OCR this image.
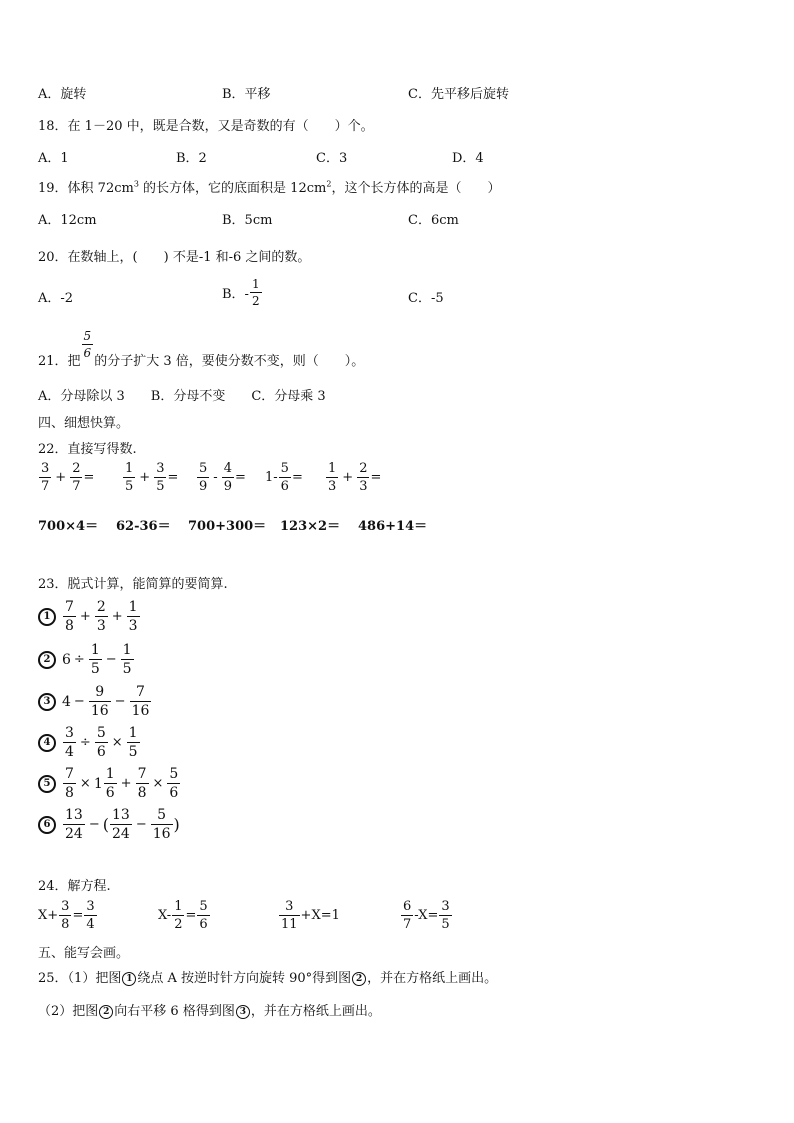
A．旋转	B．平移	C．先平移后旋转
18．在 1－20 中，既是合数，又是奇数的有（　　）个。
A．1	B．2	C．3	D．4
19．体积 $72cm^3$ 的长方体，它的底面积是 $12cm^2$，这个长方体的高是（　　）
A．12cm	B．5cm	C．6cm
20．在数轴上，(　　) 不是-1 和-6 之间的数。
A．-2	B．- $\frac{1}{2}$	C．-5
21．把
$\frac{5}{6}$
的分子扩大 3 倍，要使分数不变，则（　　）。
A．分母除以 3　　B．分母不变　　C．分母乘 3
四、细想快算。
22．直接写得数.
$\frac{3}{7} + \frac{2}{7} = \frac{1}{5} + \frac{3}{5} = \frac{5}{9} - \frac{4}{9} = 1- \frac{5}{6} = \frac{1}{3} + \frac{2}{3}$ =
700×4＝ 62-36＝ 700+300＝ 123×2＝ 486+14＝
23．脱式计算，能简算的要简算.
$1 \frac{7}{8} + \frac{2}{3} + \frac{1}{3}$
2 $6 \div \frac{1}{5} - \frac{1}{5}$
3 $4 - \frac{9}{16} - \frac{7}{16}$
$4 \frac{3}{4} \div \frac{5}{6} \times \frac{1}{5}$
$5 \frac{7}{8} \times 1 \frac{1}{6} + \frac{7}{8} \times \frac{5}{6}$
$6 \frac{13}{24}$ − ( $\frac{13}{24} - \frac{5}{16}$ )
24．解方程.
$X+ \frac{3}{8} = \frac{3}{4}$	$X- \frac{1}{2} = \frac{5}{6}$	$\frac{3}{11} +X=1$	$\frac{6}{7} -X= \frac{3}{5}$
五、能写会画。
25．（1）把图 1 绕点 A 按逆时针方向旋转 90°得到图 2 ，并在方格纸上画出。
（2）把图 2 向右平移 6 格得到图 3 ，并在方格纸上画出。
